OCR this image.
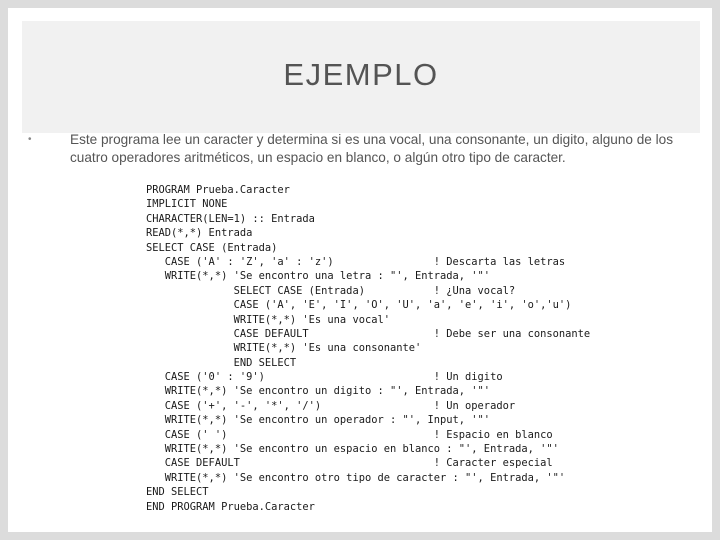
EJEMPLO
•	Este programa lee un caracter y determina si es una vocal, una consonante, un digito, alguno de los cuatro operadores aritméticos, un espacio en blanco, o algún otro tipo de caracter.
PROGRAM Prueba.Caracter
IMPLICIT NONE
CHARACTER(LEN=1) :: Entrada
READ(*,*) Entrada
SELECT CASE (Entrada)
CASE ('A' : 'Z', 'a' : 'z')                ! Descarta las letras
WRITE(*,*) 'Se encontro una letra : "', Entrada, '"'
SELECT CASE (Entrada)           ! ¿Una vocal?
CASE ('A', 'E', 'I', 'O', 'U', 'a', 'e', 'i', 'o','u')
WRITE(*,*) 'Es una vocal'
CASE DEFAULT                    ! Debe ser una consonante
WRITE(*,*) 'Es una consonante'
END SELECT
CASE ('0' : '9')                           ! Un digito
WRITE(*,*) 'Se encontro un digito : "', Entrada, '"'
CASE ('+', '-', '*', '/')                  ! Un operador
WRITE(*,*) 'Se encontro un operador : "', Input, '"'
CASE (' ')                                 ! Espacio en blanco
WRITE(*,*) 'Se encontro un espacio en blanco : "', Entrada, '"'
CASE DEFAULT                               ! Caracter especial
WRITE(*,*) 'Se encontro otro tipo de caracter : "', Entrada, '"'
END SELECT
END PROGRAM Prueba.Caracter
